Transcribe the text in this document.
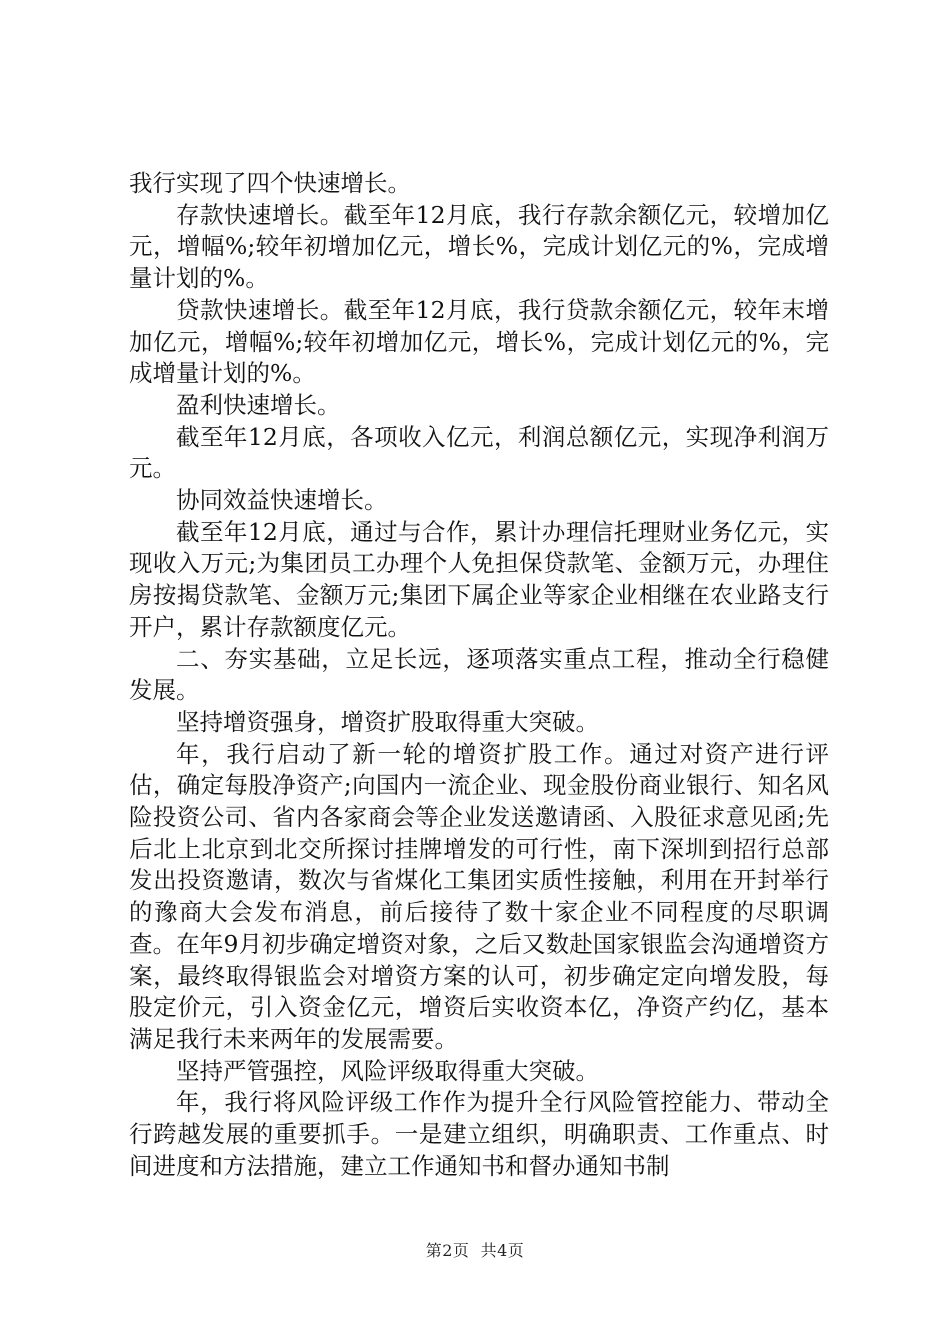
我行实现了四个快速增长。

存款快速增长。截至年12月底，我行存款余额亿元，较增加亿元，增幅%;较年初增加亿元，增长%，完成计划亿元的%，完成增量计划的%。

贷款快速增长。截至年12月底，我行贷款余额亿元，较年末增加亿元，增幅%;较年初增加亿元，增长%，完成计划亿元的%，完成增量计划的%。

盈利快速增长。

截至年12月底，各项收入亿元，利润总额亿元，实现净利润万元。

协同效益快速增长。

截至年12月底，通过与合作，累计办理信托理财业务亿元，实现收入万元;为集团员工办理个人免担保贷款笔、金额万元，办理住房按揭贷款笔、金额万元;集团下属企业等家企业相继在农业路支行开户，累计存款额度亿元。

二、夯实基础，立足长远，逐项落实重点工程，推动全行稳健发展。

坚持增资强身，增资扩股取得重大突破。

年，我行启动了新一轮的增资扩股工作。通过对资产进行评估，确定每股净资产;向国内一流企业、现金股份商业银行、知名风险投资公司、省内各家商会等企业发送邀请函、入股征求意见函;先后北上北京到北交所探讨挂牌增发的可行性，南下深圳到招行总部发出投资邀请，数次与省煤化工集团实质性接触，利用在开封举行的豫商大会发布消息，前后接待了数十家企业不同程度的尽职调查。在年9月初步确定增资对象，之后又数赴国家银监会沟通增资方案，最终取得银监会对增资方案的认可，初步确定定向增发股，每股定价元，引入资金亿元，增资后实收资本亿，净资产约亿，基本满足我行未来两年的发展需要。

坚持严管强控，风险评级取得重大突破。

年，我行将风险评级工作作为提升全行风险管控能力、带动全行跨越发展的重要抓手。一是建立组织，明确职责、工作重点、时间进度和方法措施，建立工作通知书和督办通知书制

第2页  共4页
